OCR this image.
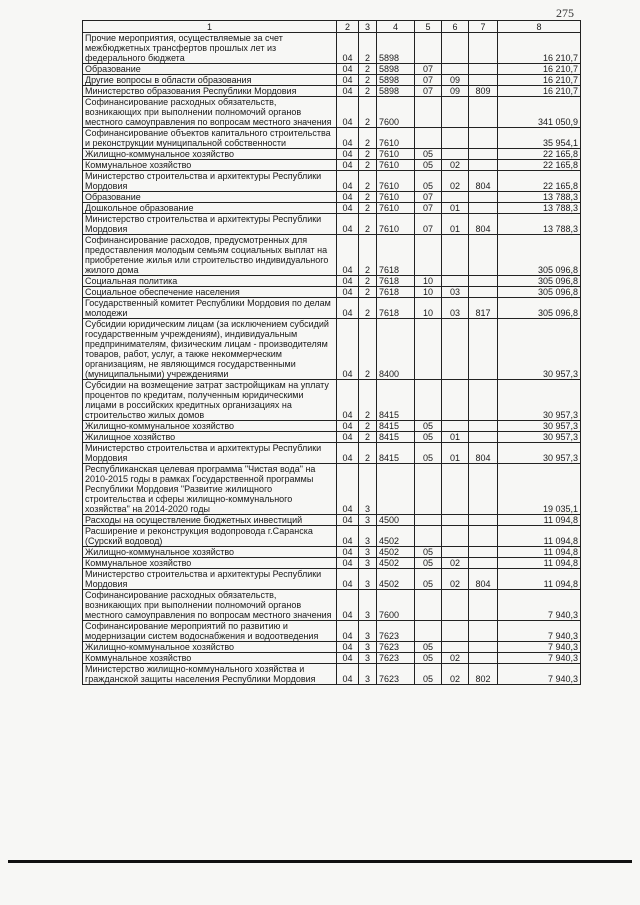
275
1	2	3	4	5	6	7	8
Прочие мероприятия, осуществляемые за счет межбюджетных трансфертов прошлых лет из федерального бюджета	04	2	5898				16 210,7
Образование	04	2	5898	07			16 210,7
Другие вопросы в области образования	04	2	5898	07	09		16 210,7
Министерство образования Республики Мордовия	04	2	5898	07	09	809	16 210,7
Софинансирование расходных обязательств, возникающих при выполнении полномочий органов местного самоуправления по вопросам местного значения	04	2	7600				341 050,9
Софинансирование объектов капитального строительства и реконструкции муниципальной собственности	04	2	7610				35 954,1
Жилищно-коммунальное хозяйство	04	2	7610	05			22 165,8
Коммунальное хозяйство	04	2	7610	05	02		22 165,8
Министерство строительства и архитектуры Республики Мордовия	04	2	7610	05	02	804	22 165,8
Образование	04	2	7610	07			13 788,3
Дошкольное образование	04	2	7610	07	01		13 788,3
Министерство строительства и архитектуры Республики Мордовия	04	2	7610	07	01	804	13 788,3
Софинансирование расходов, предусмотренных для предоставления молодым семьям социальных выплат на приобретение жилья или строительство индивидуального жилого дома	04	2	7618				305 096,8
Социальная политика	04	2	7618	10			305 096,8
Социальное обеспечение населения	04	2	7618	10	03		305 096,8
Государственный комитет Республики Мордовия по делам молодежи	04	2	7618	10	03	817	305 096,8
Субсидии юридическим лицам (за исключением субсидий государственным учреждениям), индивидуальным предпринимателям, физическим лицам - производителям товаров, работ, услуг, а также некоммерческим организациям, не являющимся государственными (муниципальными) учреждениями	04	2	8400				30 957,3
Субсидии на возмещение затрат застройщикам на уплату процентов по кредитам, полученным юридическими лицами в российских кредитных организациях на строительство жилых домов	04	2	8415				30 957,3
Жилищно-коммунальное хозяйство	04	2	8415	05			30 957,3
Жилищное хозяйство	04	2	8415	05	01		30 957,3
Министерство строительства и архитектуры Республики Мордовия	04	2	8415	05	01	804	30 957,3
Республиканская целевая программа "Чистая вода" на 2010-2015 годы в рамках Государственной программы Республики Мордовия "Развитие жилищного строительства и сферы жилищно-коммунального хозяйства" на 2014-2020 годы	04	3					19 035,1
Расходы на осуществление бюджетных инвестиций	04	3	4500				11 094,8
Расширение и реконструкция водопровода г.Саранска (Сурский водовод)	04	3	4502				11 094,8
Жилищно-коммунальное хозяйство	04	3	4502	05			11 094,8
Коммунальное хозяйство	04	3	4502	05	02		11 094,8
Министерство строительства и архитектуры Республики Мордовия	04	3	4502	05	02	804	11 094,8
Софинансирование расходных обязательств, возникающих при выполнении полномочий органов местного самоуправления по вопросам местного значения	04	3	7600				7 940,3
Софинансирование мероприятий по развитию и модернизации систем водоснабжения и водоотведения	04	3	7623				7 940,3
Жилищно-коммунальное хозяйство	04	3	7623	05			7 940,3
Коммунальное хозяйство	04	3	7623	05	02		7 940,3
Министерство жилищно-коммунального хозяйства и гражданской защиты населения Республики Мордовия	04	3	7623	05	02	802	7 940,3
